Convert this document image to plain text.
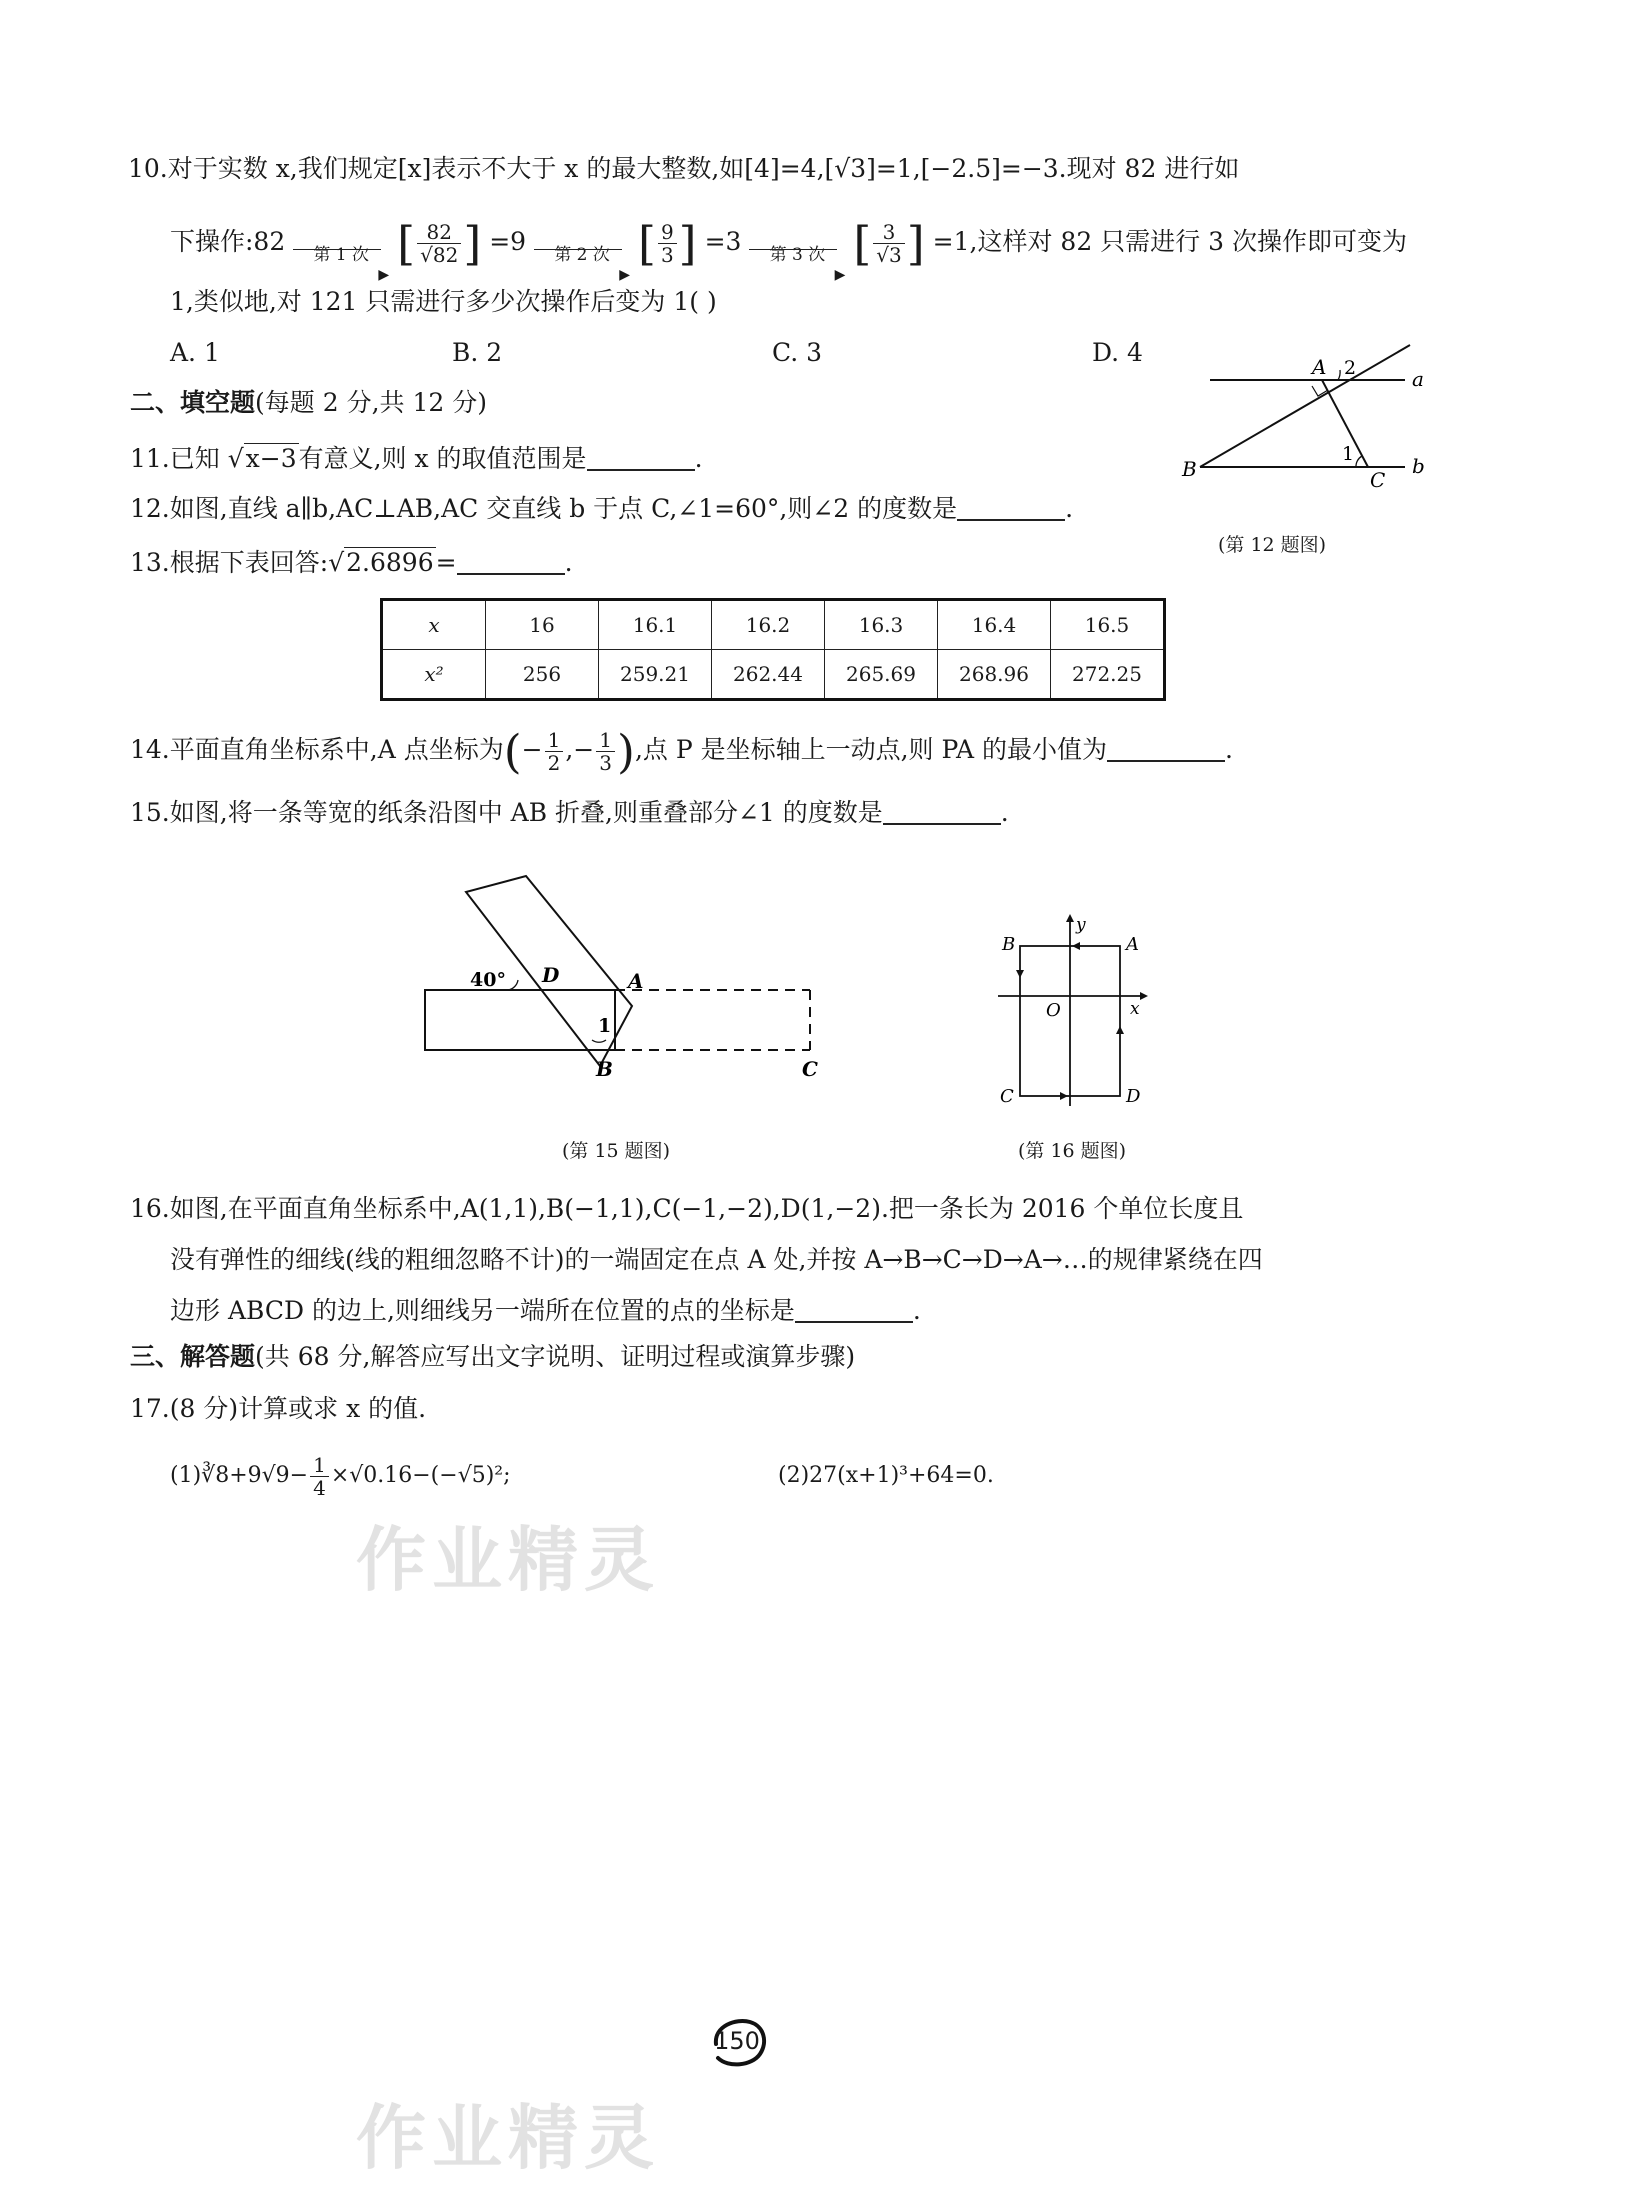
10.对于实数 x,我们规定[x]表示不大于 x 的最大整数,如[4]=4,[√3]=1,[−2.5]=−3.现对 82 进行如
下操作:82	第 1 次
▶
[ $\frac{82}{√82}$ ] =9	第 2 次
▶
[ $\frac{9}{3}$ ] =3	第 3 次
▶
[ $\frac{3}{√3}$ ] =1,这样对 82 只需进行 3 次操作即可变为
1,类似地,对 121 只需进行多少次操作后变为 1( )
A. 1	B. 2	C. 3	D. 4
二、填空题(每题 2 分,共 12 分)
11.已知 √x−3有意义,则 x 的取值范围是	.
12.如图,直线 a∥b,AC⊥AB,AC 交直线 b 于点 C,∠1=60°,则∠2 的度数是	.
13.根据下表回答:√2.6896=	.
x	16	16.1	16.2	16.3	16.4	16.5
x²	256	259.21	262.44	265.69	268.96	272.25
14.平面直角坐标系中,A 点坐标为(− $\frac{1}{2}$ ,− $\frac{1}{3}$ ),点 P 是坐标轴上一动点,则 PA 的最小值为	.
15.如图,将一条等宽的纸条沿图中 AB 折叠,则重叠部分∠1 的度数是	.
A
B	C
a
b
1
2
(第 12 题图)
40° D	A
1
B	C
(第 15 题图)
y
B	A
O	x
C	D
(第 16 题图)
16.如图,在平面直角坐标系中,A(1,1),B(−1,1),C(−1,−2),D(1,−2).把一条长为 2016 个单位长度且
没有弹性的细线(线的粗细忽略不计)的一端固定在点 A 处,并按 A→B→C→D→A→…的规律紧绕在四
边形 ABCD 的边上,则细线另一端所在位置的点的坐标是	.
三、解答题(共 68 分,解答应写出文字说明、证明过程或演算步骤)
17.(8 分)计算或求 x 的值.
(1)∛8+9√9− $\frac{1}{4} \times√0.16-(-√5)^2$;	(2)27(x+1)³+64=0.
作业精灵
作业精灵
150
